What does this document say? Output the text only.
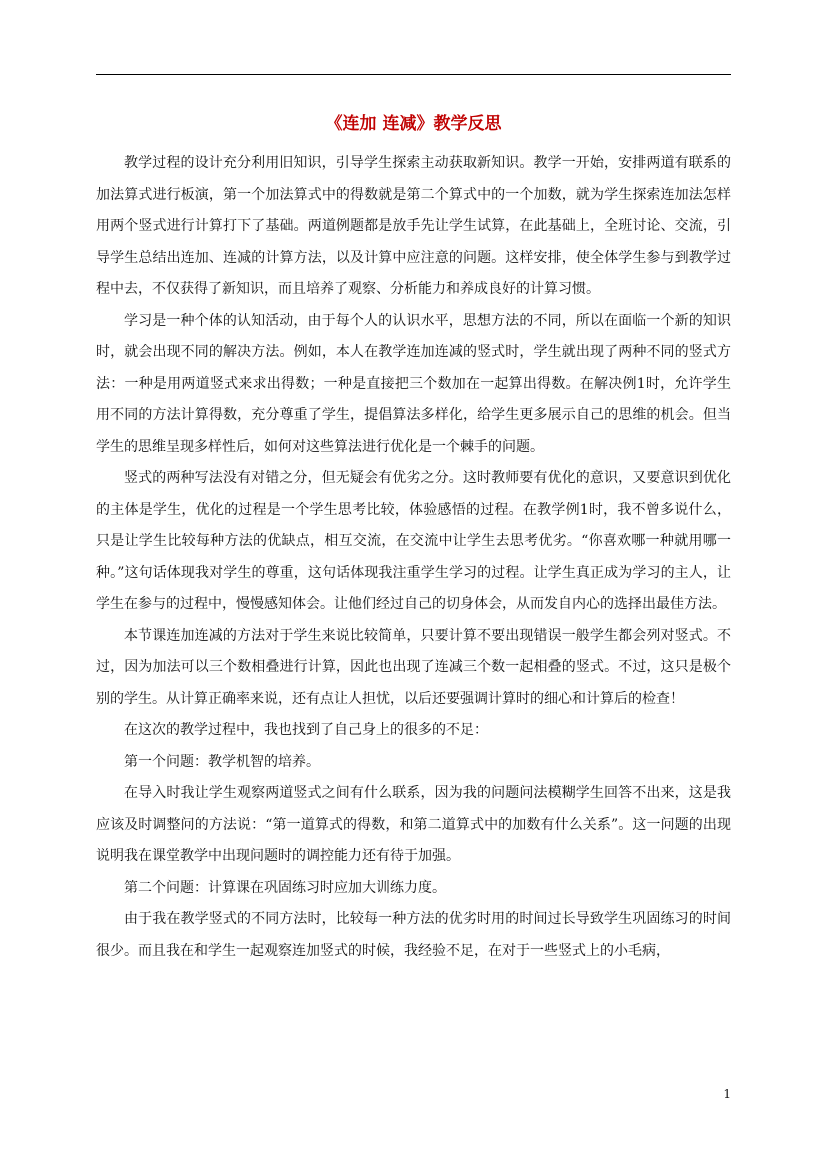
《连加 连减》教学反思

教学过程的设计充分利用旧知识，引导学生探索主动获取新知识。教学一开始，安排两道有联系的加法算式进行板演，第一个加法算式中的得数就是第二个算式中的一个加数，就为学生探索连加法怎样用两个竖式进行计算打下了基础。两道例题都是放手先让学生试算，在此基础上，全班讨论、交流，引导学生总结出连加、连减的计算方法，以及计算中应注意的问题。这样安排，使全体学生参与到教学过程中去，不仅获得了新知识，而且培养了观察、分析能力和养成良好的计算习惯。

学习是一种个体的认知活动，由于每个人的认识水平，思想方法的不同，所以在面临一个新的知识时，就会出现不同的解决方法。例如，本人在教学连加连减的竖式时，学生就出现了两种不同的竖式方法：一种是用两道竖式来求出得数；一种是直接把三个数加在一起算出得数。在解决例1时，允许学生用不同的方法计算得数，充分尊重了学生，提倡算法多样化，给学生更多展示自己的思维的机会。但当学生的思维呈现多样性后，如何对这些算法进行优化是一个棘手的问题。

竖式的两种写法没有对错之分，但无疑会有优劣之分。这时教师要有优化的意识，又要意识到优化的主体是学生，优化的过程是一个学生思考比较，体验感悟的过程。在教学例1时，我不曾多说什么，只是让学生比较每种方法的优缺点，相互交流，在交流中让学生去思考优劣。“你喜欢哪一种就用哪一种。”这句话体现我对学生的尊重，这句话体现我注重学生学习的过程。让学生真正成为学习的主人，让学生在参与的过程中，慢慢感知体会。让他们经过自己的切身体会，从而发自内心的选择出最佳方法。

本节课连加连减的方法对于学生来说比较简单，只要计算不要出现错误一般学生都会列对竖式。不过，因为加法可以三个数相叠进行计算，因此也出现了连减三个数一起相叠的竖式。不过，这只是极个别的学生。从计算正确率来说，还有点让人担忧，以后还要强调计算时的细心和计算后的检查！

在这次的教学过程中，我也找到了自己身上的很多的不足：

第一个问题：教学机智的培养。

在导入时我让学生观察两道竖式之间有什么联系，因为我的问题问法模糊学生回答不出来，这是我应该及时调整问的方法说：“第一道算式的得数，和第二道算式中的加数有什么关系”。这一问题的出现说明我在课堂教学中出现问题时的调控能力还有待于加强。

第二个问题：计算课在巩固练习时应加大训练力度。

由于我在教学竖式的不同方法时，比较每一种方法的优劣时用的时间过长导致学生巩固练习的时间很少。而且我在和学生一起观察连加竖式的时候，我经验不足，在对于一些竖式上的小毛病，

1
